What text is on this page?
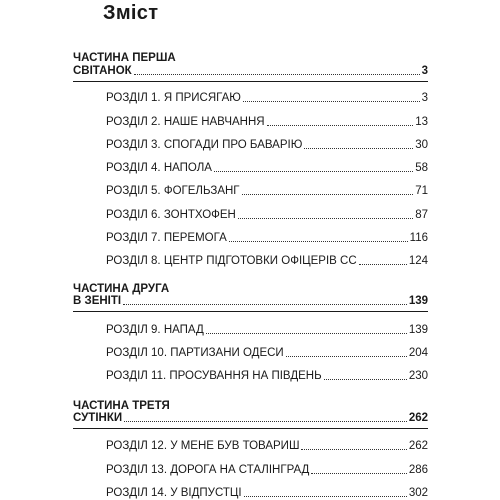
Зміст
ЧАСТИНА ПЕРША
СВІТАНОК	3
РОЗДІЛ 1. Я ПРИСЯГАЮ	3
РОЗДІЛ 2. НАШЕ НАВЧАННЯ	13
РОЗДІЛ 3. СПОГАДИ ПРО БАВАРІЮ	30
РОЗДІЛ 4. НАПОЛА	58
РОЗДІЛ 5. ФОГЕЛЬЗАНГ	71
РОЗДІЛ 6. ЗОНТХОФЕН	87
РОЗДІЛ 7. ПЕРЕМОГА	116
РОЗДІЛ 8. ЦЕНТР ПІДГОТОВКИ ОФІЦЕРІВ СС	124
ЧАСТИНА ДРУГА
В ЗЕНІТІ	139
РОЗДІЛ 9. НАПАД	139
РОЗДІЛ 10. ПАРТИЗАНИ ОДЕСИ	204
РОЗДІЛ 11. ПРОСУВАННЯ НА ПІВДЕНЬ	230
ЧАСТИНА ТРЕТЯ
СУТІНКИ	262
РОЗДІЛ 12. У МЕНЕ БУВ ТОВАРИШ	262
РОЗДІЛ 13. ДОРОГА НА СТАЛІНГРАД	286
РОЗДІЛ 14. У ВІДПУСТЦІ	302
